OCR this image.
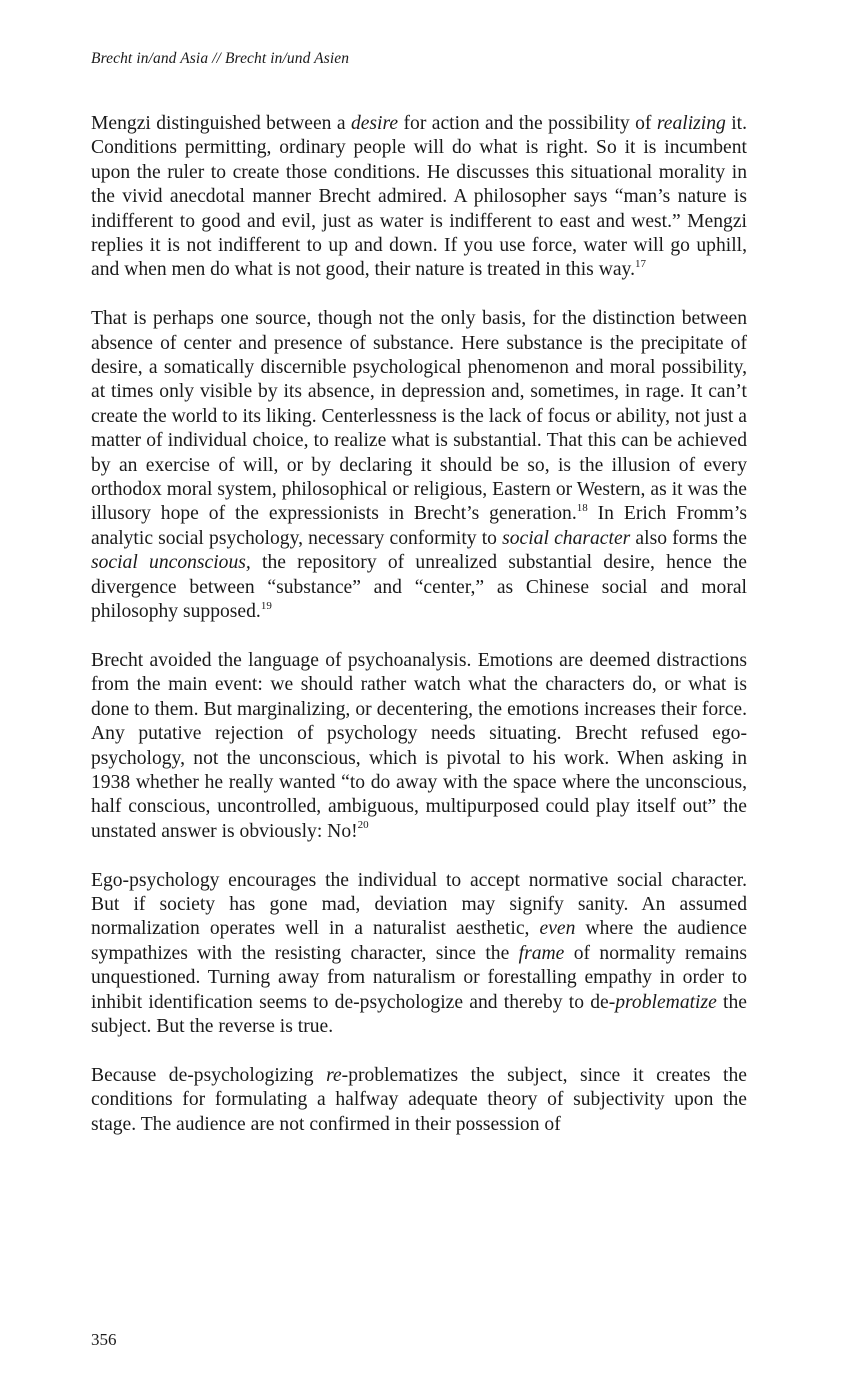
Brecht in/and Asia // Brecht in/und Asien

Mengzi distinguished between a desire for action and the possibility of realizing it. Conditions permitting, ordinary people will do what is right. So it is incumbent upon the ruler to create those conditions. He discusses this situational morality in the vivid anecdotal manner Brecht admired. A philosopher says “man’s nature is indifferent to good and evil, just as water is indifferent to east and west.” Mengzi replies it is not indifferent to up and down. If you use force, water will go uphill, and when men do what is not good, their nature is treated in this way.$^{17}$

That is perhaps one source, though not the only basis, for the distinction between absence of center and presence of substance. Here substance is the precipitate of desire, a somatically discernible psychological phenomenon and moral possibility, at times only visible by its absence, in depression and, sometimes, in rage. It can’t create the world to its liking. Centerlessness is the lack of focus or ability, not just a matter of individual choice, to realize what is substantial. That this can be achieved by an exercise of will, or by declaring it should be so, is the illusion of every orthodox moral system, philosophical or religious, Eastern or Western, as it was the illusory hope of the expressionists in Brecht’s generation.$^{18}$ In Erich Fromm’s analytic social psychology, necessary conformity to social character also forms the social unconscious, the repository of unrealized substantial desire, hence the divergence between “substance” and “center,” as Chinese social and moral philosophy supposed.$^{19}$

Brecht avoided the language of psychoanalysis. Emotions are deemed distractions from the main event: we should rather watch what the characters do, or what is done to them. But marginalizing, or decentering, the emotions increases their force. Any putative rejection of psychology needs situating. Brecht refused ego-psychology, not the unconscious, which is pivotal to his work. When asking in 1938 whether he really wanted “to do away with the space where the unconscious, half conscious, uncontrolled, ambiguous, multipurposed could play itself out” the unstated answer is obviously: No!$^{20}$

Ego-psychology encourages the individual to accept normative social character. But if society has gone mad, deviation may signify sanity. An assumed normalization operates well in a naturalist aesthetic, even where the audience sympathizes with the resisting character, since the frame of normality remains unquestioned. Turning away from naturalism or forestalling empathy in order to inhibit identification seems to de-psychologize and thereby to de-problematize the subject. But the reverse is true.

Because de-psychologizing re-problematizes the subject, since it creates the conditions for formulating a halfway adequate theory of subjectivity upon the stage. The audience are not confirmed in their possession of

356
